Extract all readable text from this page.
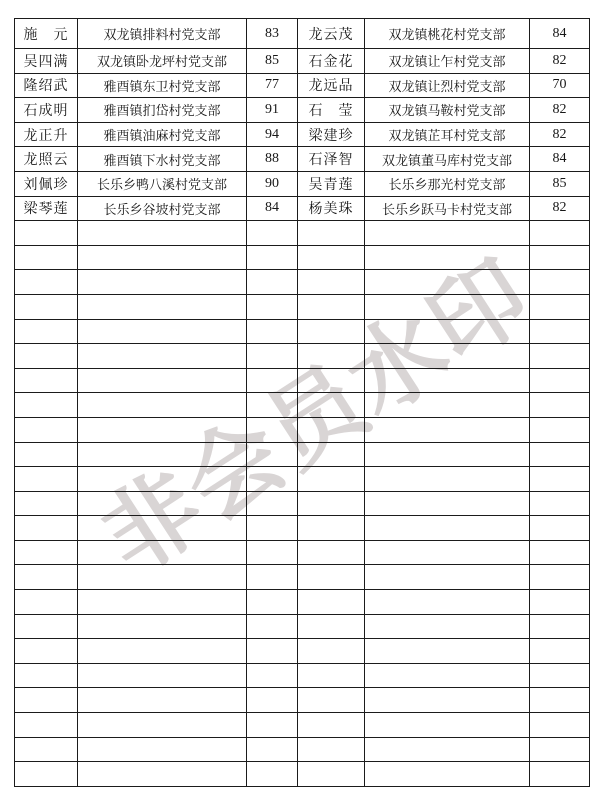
非会员水印
施　元	双龙镇排料村党支部	83	龙云茂	双龙镇桃花村党支部	84
吴四满	双龙镇卧龙坪村党支部	85	石金花	双龙镇让乍村党支部	82
隆绍武	雅酉镇东卫村党支部	77	龙远品	双龙镇让烈村党支部	70
石成明	雅酉镇扪岱村党支部	91	石　莹	双龙镇马鞍村党支部	82
龙正升	雅酉镇油麻村党支部	94	梁建珍	双龙镇芷耳村党支部	82
龙照云	雅酉镇下水村党支部	88	石泽智	双龙镇董马库村党支部	84
刘佩珍	长乐乡鸭八溪村党支部	90	吴青莲	长乐乡那光村党支部	85
梁琴莲	长乐乡谷坡村党支部	84	杨美珠	长乐乡跃马卡村党支部	82
